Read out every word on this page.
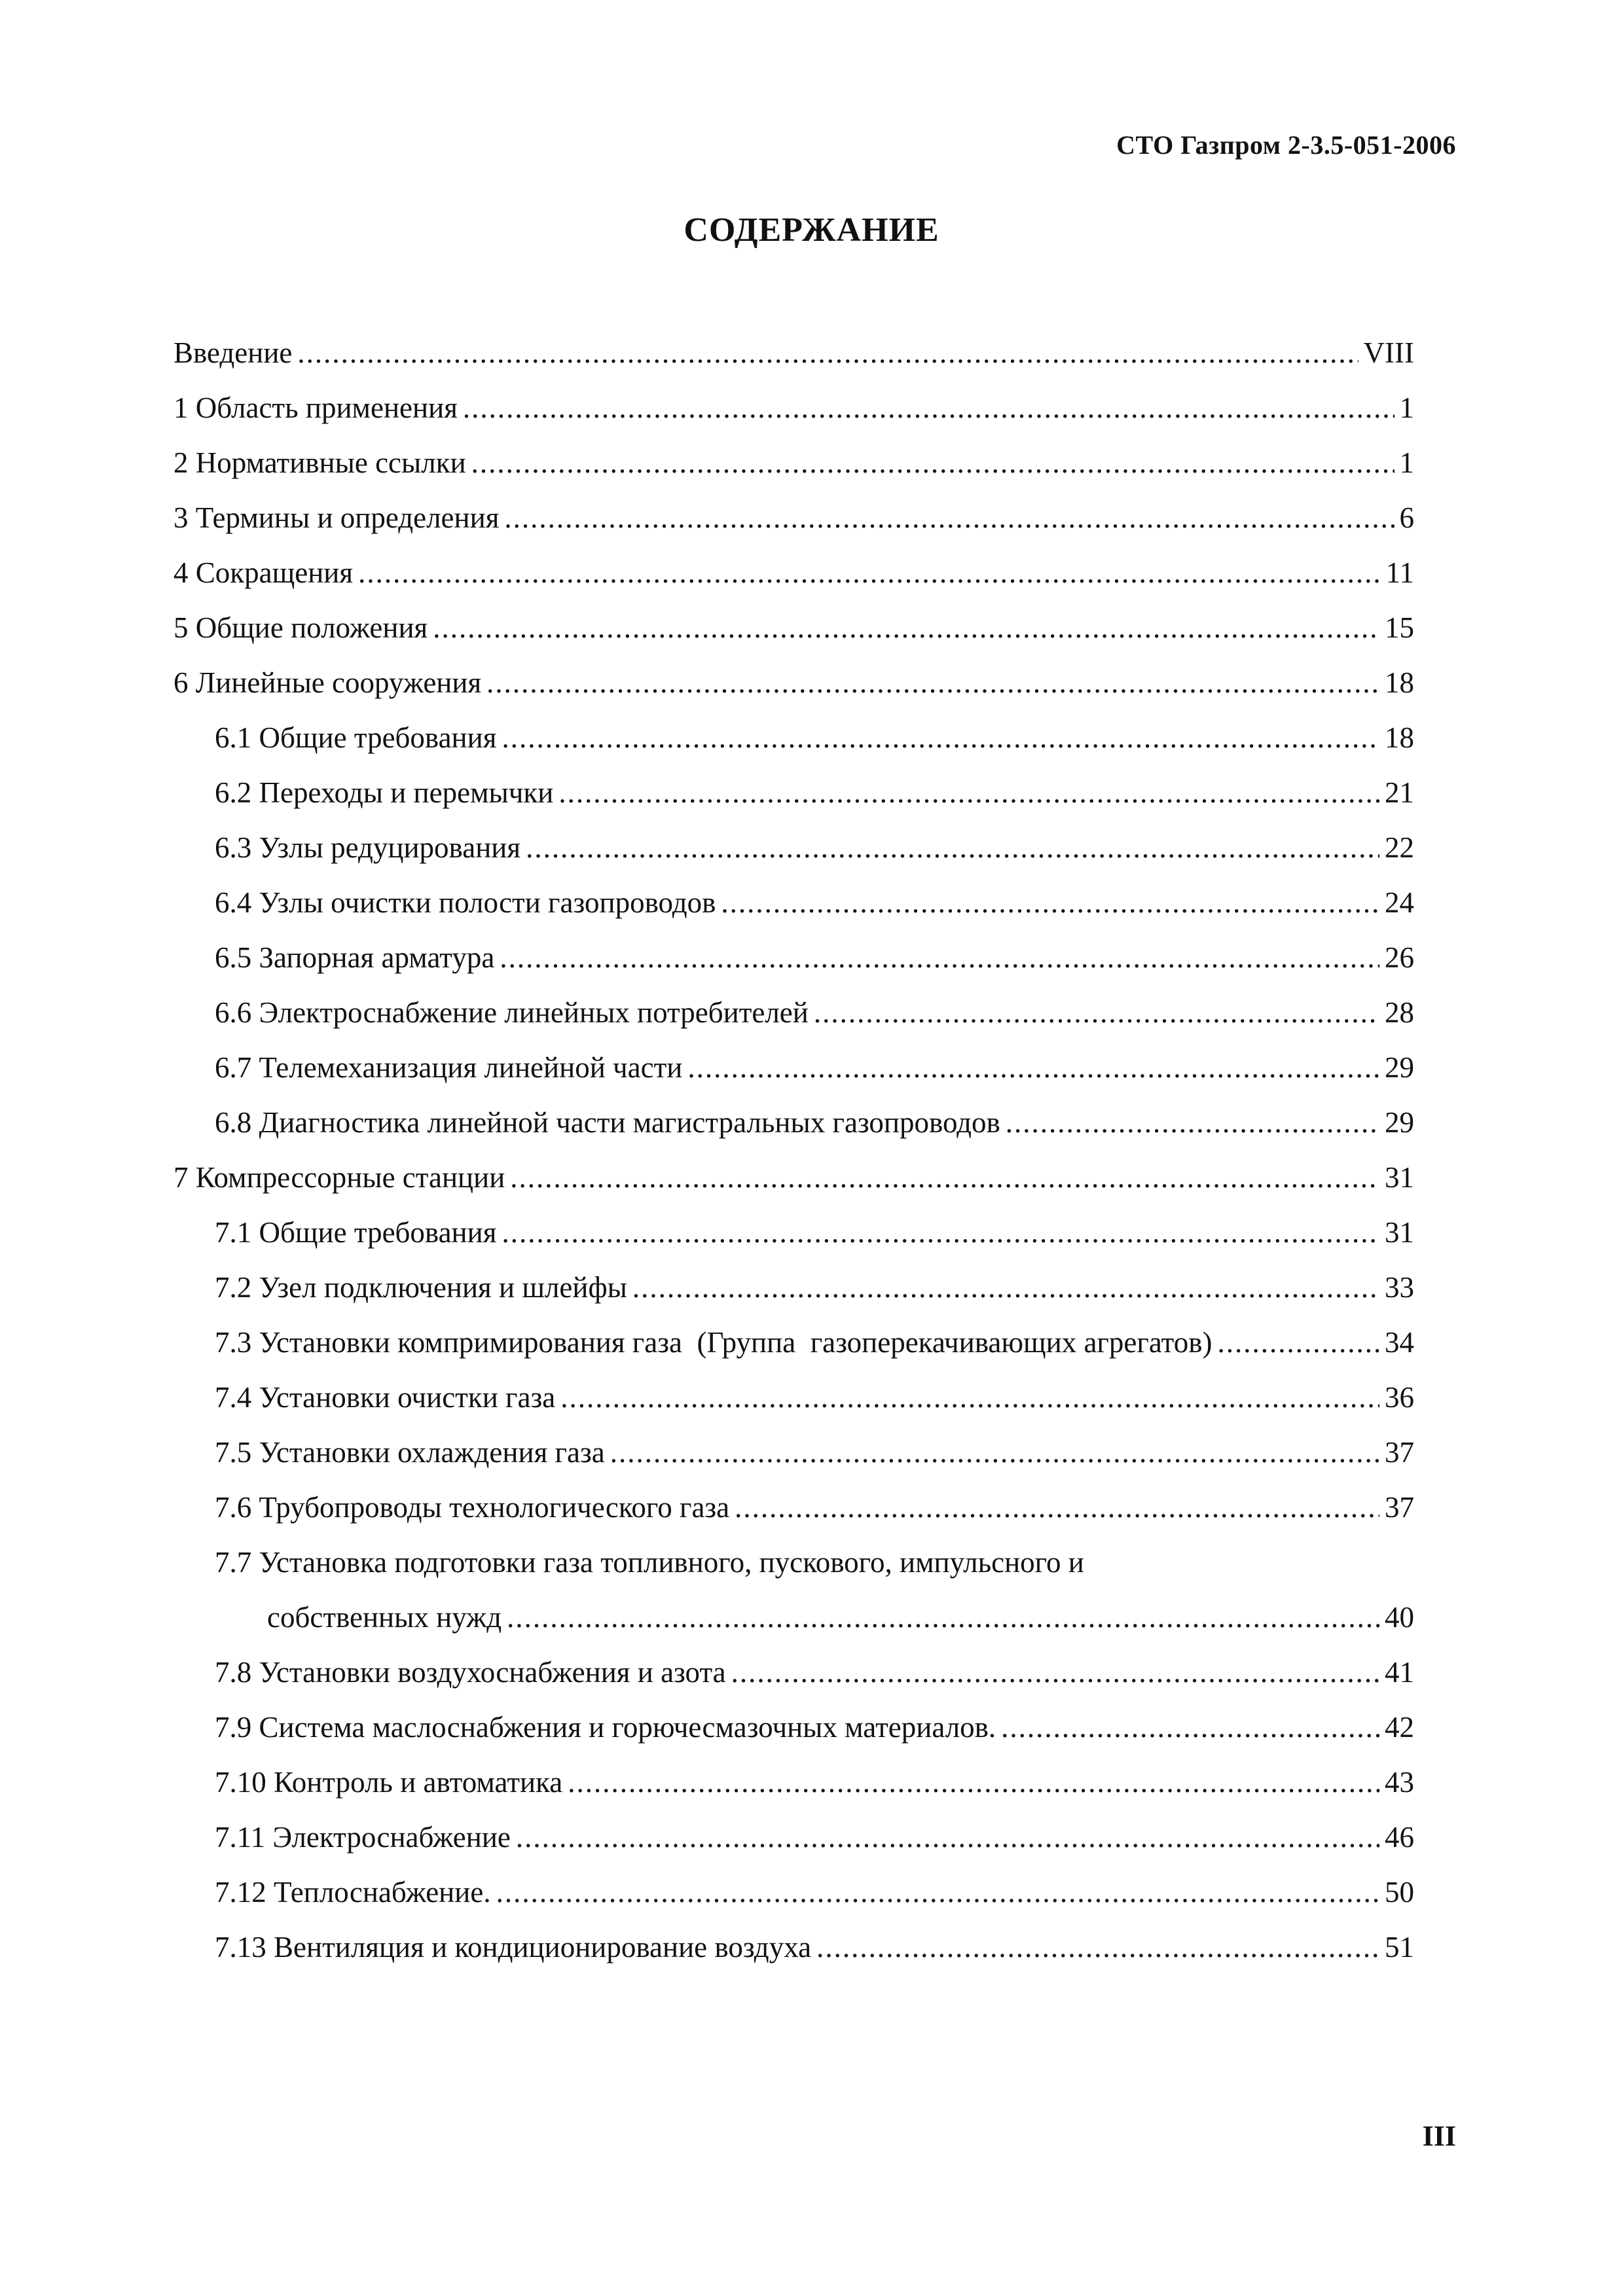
СТО Газпром 2-3.5-051-2006
СОДЕРЖАНИЕ
Введение .....	VIII
1 Область применения .....	1
2 Нормативные ссылки .....	1
3 Термины и определения .....	6
4 Сокращения .....	11
5 Общие положения .....	15
6 Линейные сооружения .....	18
6.1 Общие требования .....	18
6.2 Переходы и перемычки .....	21
6.3 Узлы редуцирования .....	22
6.4 Узлы очистки полости газопроводов .....	24
6.5 Запорная арматура .....	26
6.6 Электроснабжение линейных потребителей .....	28
6.7 Телемеханизация линейной части .....	29
6.8 Диагностика линейной части магистральных газопроводов .....	29
7 Компрессорные станции .....	31
7.1 Общие требования .....	31
7.2 Узел подключения и шлейфы .....	33
7.3 Установки компримирования газа  (Группа  газоперекачивающих агрегатов) .....	34
7.4 Установки очистки газа .....	36
7.5 Установки охлаждения газа .....	37
7.6 Трубопроводы технологического газа .....	37
7.7 Установка подготовки газа топливного, пускового, импульсного и
собственных нужд .....	40
7.8 Установки воздухоснабжения и азота .....	41
7.9 Система маслоснабжения и горючесмазочных материалов. .....	42
7.10 Контроль и автоматика .....	43
7.11 Электроснабжение .....	46
7.12 Теплоснабжение. .....	50
7.13 Вентиляция и кондиционирование воздуха .....	51
III
